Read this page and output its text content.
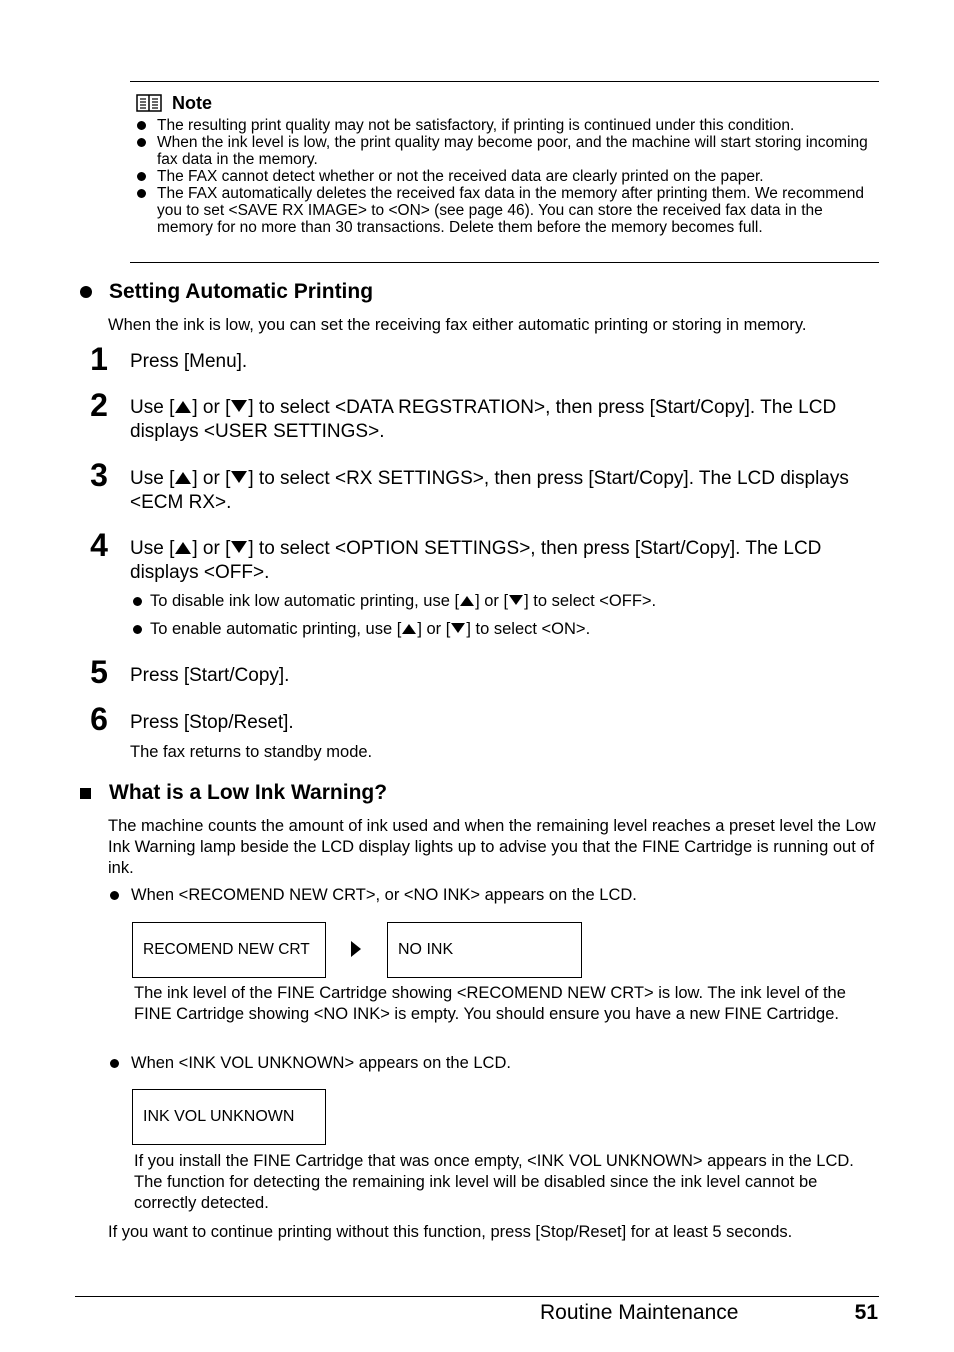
Note
The resulting print quality may not be satisfactory, if printing is continued under this condition.
When the ink level is low, the print quality may become poor, and the machine will start storing incoming fax data in the memory.
The FAX cannot detect whether or not the received data are clearly printed on the paper.
The FAX automatically deletes the received fax data in the memory after printing them. We recommend you to set <SAVE RX IMAGE> to <ON> (see page 46). You can store the received fax data in the memory for no more than 30 transactions. Delete them before the memory becomes full.
Setting Automatic Printing
When the ink is low, you can set the receiving fax either automatic printing or storing in memory.
1 Press [Menu].
2 Use [ ] or [ ] to select <DATA REGSTRATION>, then press [Start/Copy]. The LCD displays <USER SETTINGS>.
3 Use [ ] or [ ] to select <RX SETTINGS>, then press [Start/Copy]. The LCD displays <ECM RX>.
4 Use [ ] or [ ] to select <OPTION SETTINGS>, then press [Start/Copy]. The LCD displays <OFF>.
To disable ink low automatic printing, use [ ] or [ ] to select <OFF>.
To enable automatic printing, use [ ] or [ ] to select <ON>.
5 Press [Start/Copy].
6 Press [Stop/Reset].
The fax returns to standby mode.
What is a Low Ink Warning?
The machine counts the amount of ink used and when the remaining level reaches a preset level the Low Ink Warning lamp beside the LCD display lights up to advise you that the FINE Cartridge is running out of ink.
When <RECOMEND NEW CRT>, or <NO INK> appears on the LCD.
RECOMEND NEW CRT	NO INK
The ink level of the FINE Cartridge showing <RECOMEND NEW CRT> is low. The ink level of the FINE Cartridge showing <NO INK> is empty. You should ensure you have a new FINE Cartridge.
When <INK VOL UNKNOWN> appears on the LCD.
INK VOL UNKNOWN
If you install the FINE Cartridge that was once empty, <INK VOL UNKNOWN> appears in the LCD. The function for detecting the remaining ink level will be disabled since the ink level cannot be correctly detected.
If you want to continue printing without this function, press [Stop/Reset] for at least 5 seconds.
Routine Maintenance	51
